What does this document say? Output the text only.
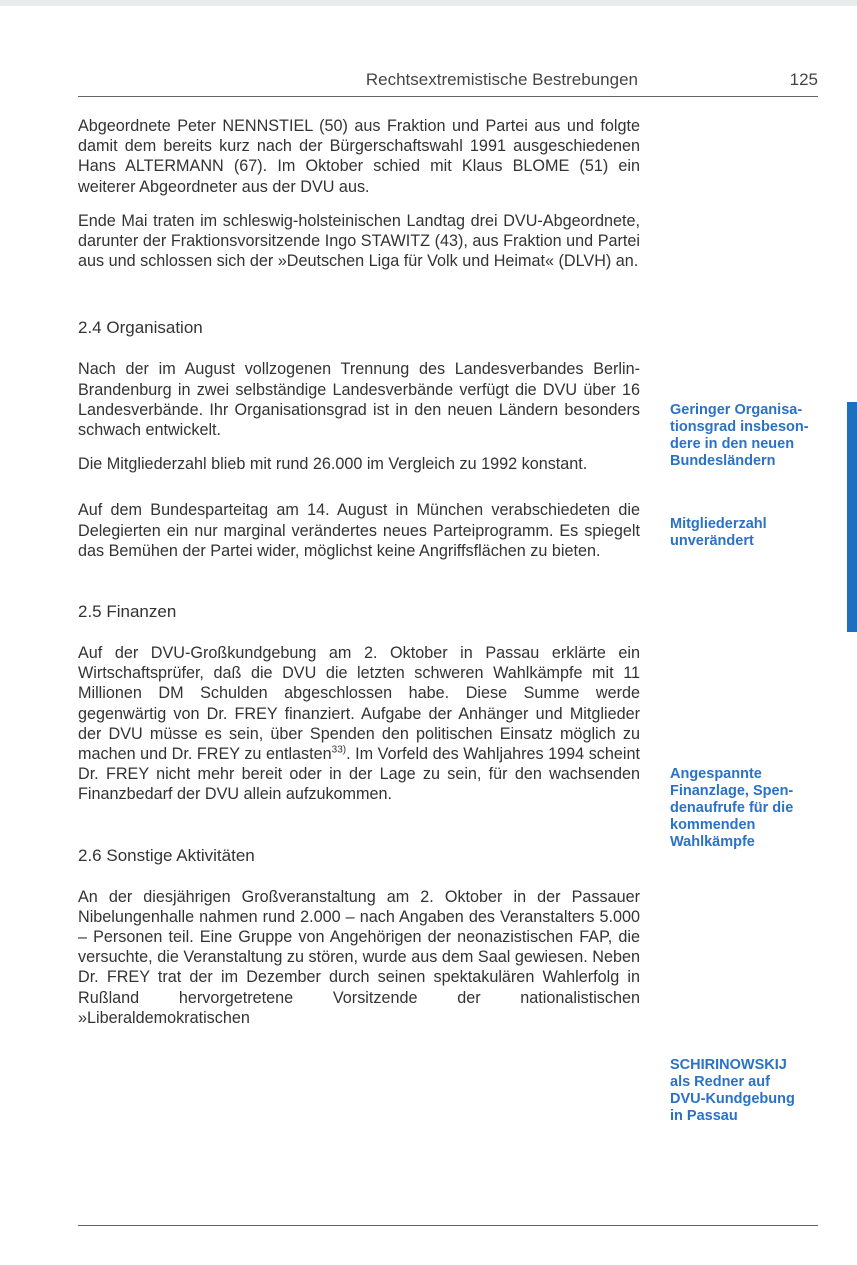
Rechtsextremistische Bestrebungen	125

Abgeordnete Peter NENNSTIEL (50) aus Fraktion und Partei aus und folgte damit dem bereits kurz nach der Bürgerschaftswahl 1991 ausgeschiedenen Hans ALTERMANN (67). Im Oktober schied mit Klaus BLOME (51) ein weiterer Abgeordneter aus der DVU aus.

Ende Mai traten im schleswig-holsteinischen Landtag drei DVU-Abgeordnete, darunter der Fraktionsvorsitzende Ingo STAWITZ (43), aus Fraktion und Partei aus und schlossen sich der »Deutschen Liga für Volk und Heimat« (DLVH) an.

2.4 Organisation

Nach der im August vollzogenen Trennung des Landesverbandes Berlin-Brandenburg in zwei selbständige Landesverbände verfügt die DVU über 16 Landesverbände. Ihr Organisationsgrad ist in den neuen Ländern besonders schwach entwickelt.

Die Mitgliederzahl blieb mit rund 26.000 im Vergleich zu 1992 konstant.

Auf dem Bundesparteitag am 14. August in München verabschiedeten die Delegierten ein nur marginal verändertes neues Parteiprogramm. Es spiegelt das Bemühen der Partei wider, möglichst keine Angriffsflächen zu bieten.

2.5 Finanzen

Auf der DVU-Großkundgebung am 2. Oktober in Passau erklärte ein Wirtschaftsprüfer, daß die DVU die letzten schweren Wahlkämpfe mit 11 Millionen DM Schulden abgeschlossen habe. Diese Summe werde gegenwärtig von Dr. FREY finanziert. Aufgabe der Anhänger und Mitglieder der DVU müsse es sein, über Spenden den politischen Einsatz möglich zu machen und Dr. FREY zu entlasten$^{33)}$. Im Vorfeld des Wahljahres 1994 scheint Dr. FREY nicht mehr bereit oder in der Lage zu sein, für den wachsenden Finanzbedarf der DVU allein aufzukommen.

2.6 Sonstige Aktivitäten

An der diesjährigen Großveranstaltung am 2. Oktober in der Passauer Nibelungenhalle nahmen rund 2.000 – nach Angaben des Veranstalters 5.000 – Personen teil. Eine Gruppe von Angehörigen der neonazistischen FAP, die versuchte, die Veranstaltung zu stören, wurde aus dem Saal gewiesen. Neben Dr. FREY trat der im Dezember durch seinen spektakulären Wahlerfolg in Rußland hervorgetretene Vorsitzende der nationalistischen »Liberaldemokratischen

Geringer Organisa-
tionsgrad insbeson-
dere in den neuen
Bundesländern
Mitgliederzahl
unverändert
Angespannte
Finanzlage, Spen-
denaufrufe für die
kommenden
Wahlkämpfe
SCHIRINOWSKIJ
als Redner auf
DVU-Kundgebung
in Passau
